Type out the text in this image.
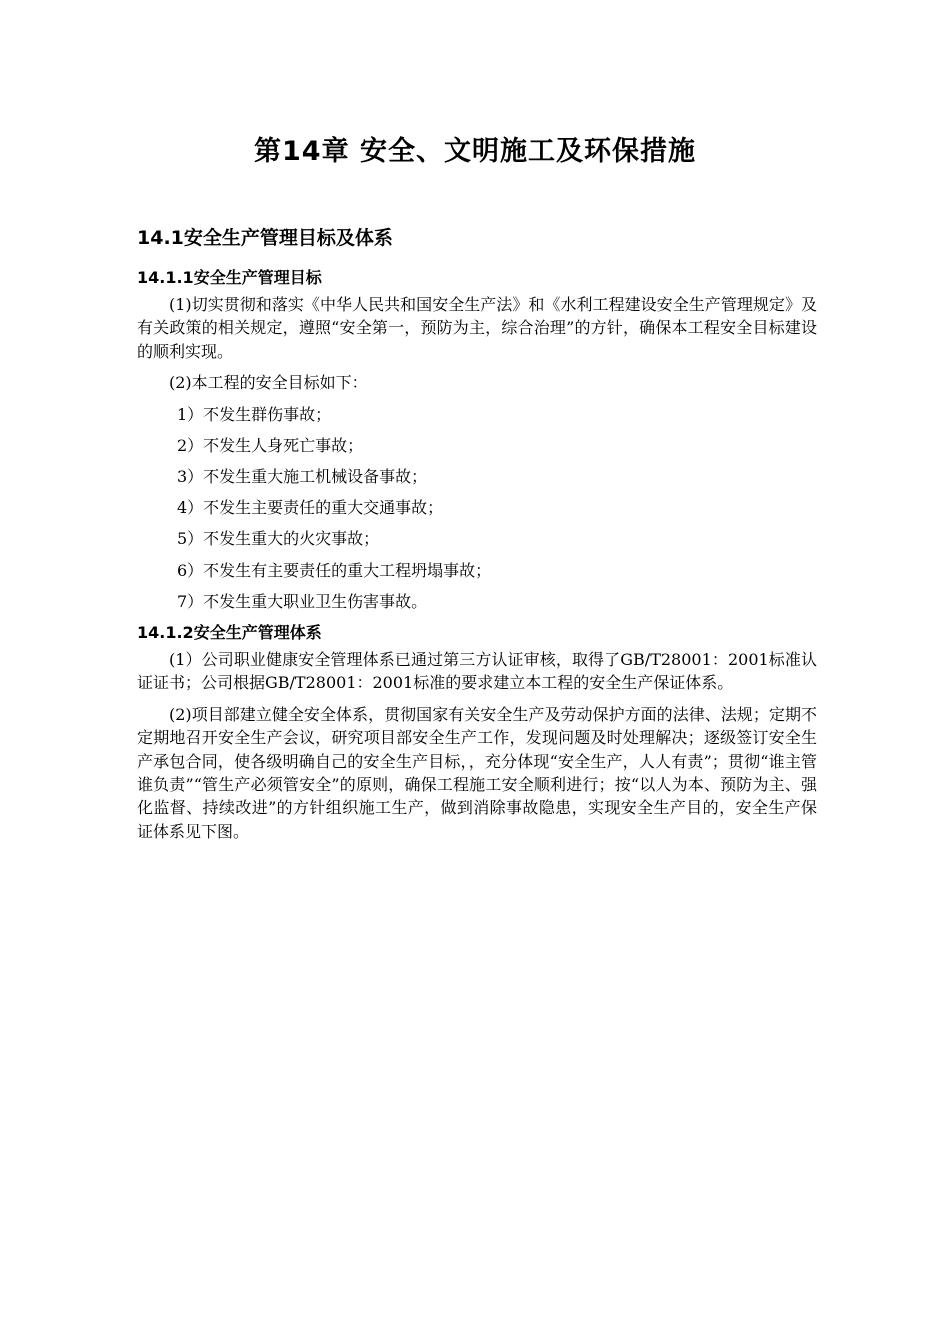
第14章 安全、文明施工及环保措施
14.1安全生产管理目标及体系
14.1.1安全生产管理目标

(1)切实贯彻和落实《中华人民共和国安全生产法》和《水利工程建设安全生产管理规定》及有关政策的相关规定，遵照“安全第一，预防为主，综合治理”的方针，确保本工程安全目标建设的顺利实现。

(2)本工程的安全目标如下：

1）不发生群伤事故；
2）不发生人身死亡事故；
3）不发生重大施工机械设备事故；
4）不发生主要责任的重大交通事故；
5）不发生重大的火灾事故；
6）不发生有主要责任的重大工程坍塌事故；
7）不发生重大职业卫生伤害事故。
14.1.2安全生产管理体系

(1）公司职业健康安全管理体系已通过第三方认证审核，取得了GB/T28001：2001标准认证证书；公司根据GB/T28001：2001标准的要求建立本工程的安全生产保证体系。

(2)项目部建立健全安全体系，贯彻国家有关安全生产及劳动保护方面的法律、法规；定期不定期地召开安全生产会议，研究项目部安全生产工作，发现问题及时处理解决；逐级签订安全生产承包合同，使各级明确自己的安全生产目标，，充分体现“安全生产，人人有责”；贯彻“谁主管谁负责”“管生产必须管安全”的原则，确保工程施工安全顺利进行；按“以人为本、预防为主、强化监督、持续改进”的方针组织施工生产，做到消除事故隐患，实现安全生产目的，安全生产保证体系见下图。
